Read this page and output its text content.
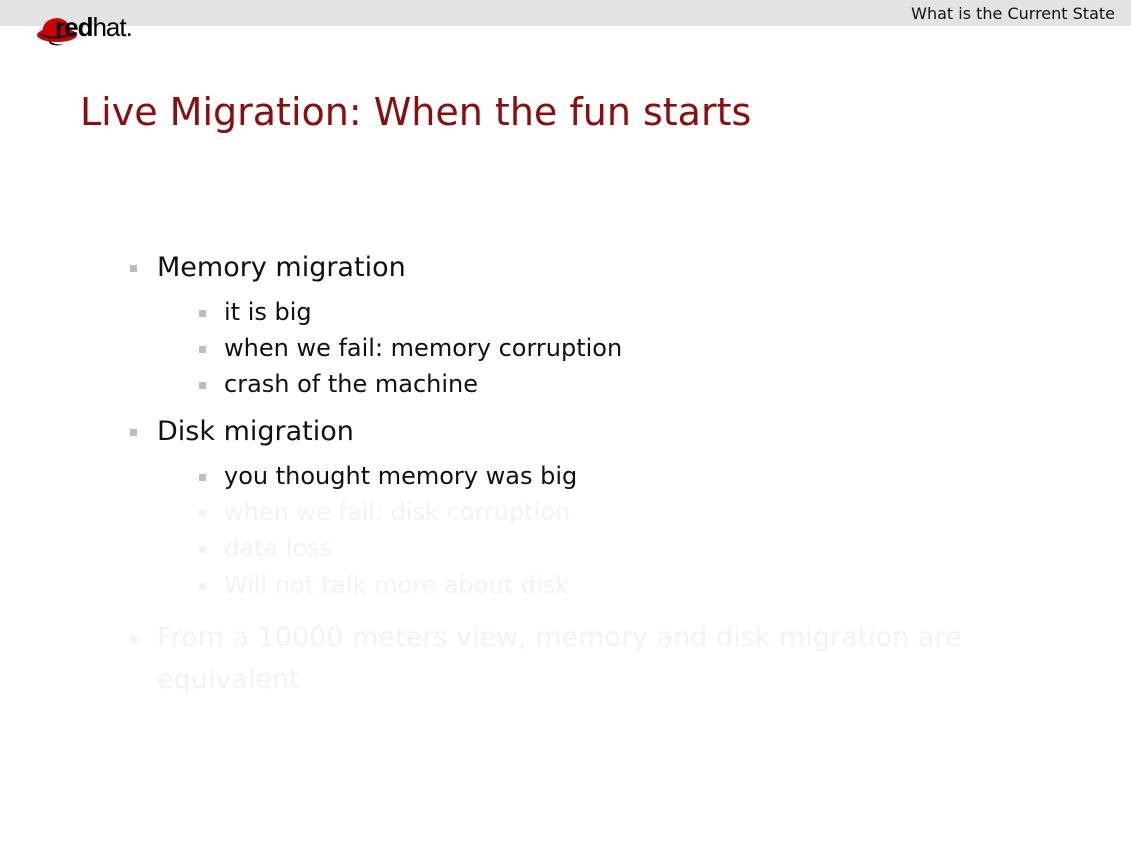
What is the Current State
redhat.
Live Migration: When the fun starts
Memory migration
it is big
when we fail: memory corruption
crash of the machine
Disk migration
you thought memory was big
when we fail: disk corruption
data loss
Will not talk more about disk
From a 10000 meters view, memory and disk migration are
equivalent
